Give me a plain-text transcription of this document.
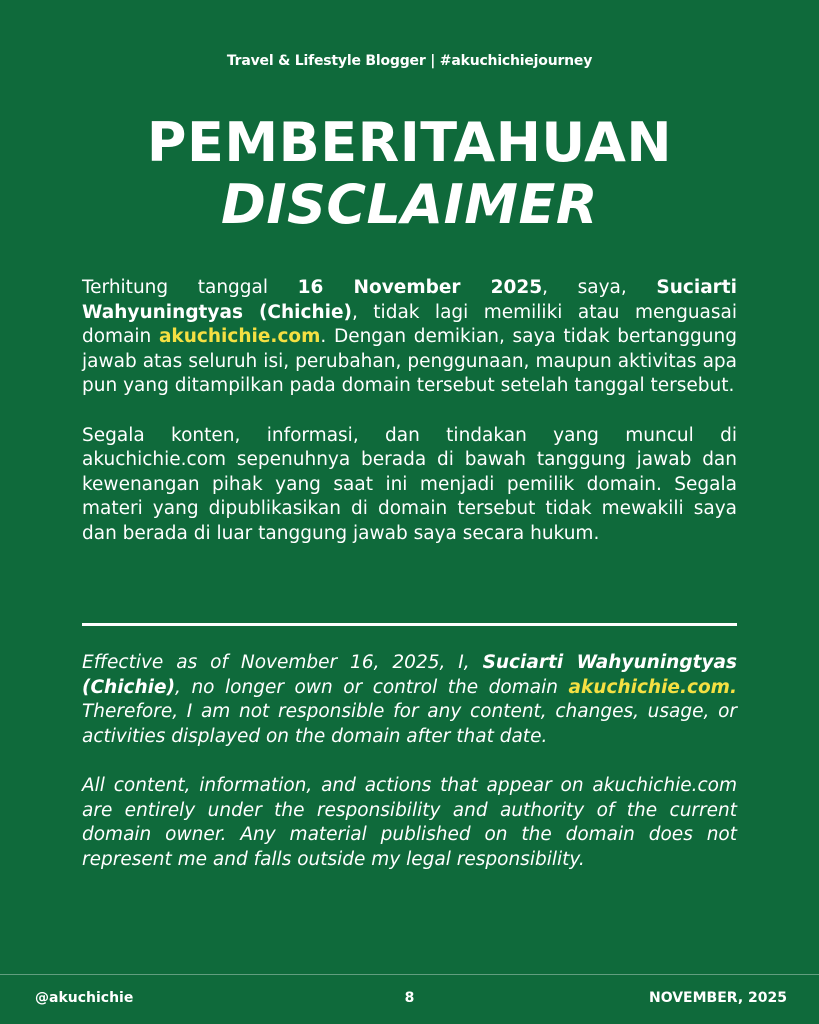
Travel & Lifestyle Blogger | #akuchichiejourney
PEMBERITAHUAN
DISCLAIMER

Terhitung tanggal 16 November 2025, saya, Suciarti Wahyuningtyas (Chichie), tidak lagi memiliki atau menguasai domain akuchichie.com. Dengan demikian, saya tidak bertanggung jawab atas seluruh isi, perubahan, penggunaan, maupun aktivitas apa pun yang ditampilkan pada domain tersebut setelah tanggal tersebut.

Segala konten, informasi, dan tindakan yang muncul di akuchichie.com sepenuhnya berada di bawah tanggung jawab dan kewenangan pihak yang saat ini menjadi pemilik domain. Segala materi yang dipublikasikan di domain tersebut tidak mewakili saya dan berada di luar tanggung jawab saya secara hukum.

Effective as of November 16, 2025, I, Suciarti Wahyuningtyas (Chichie), no longer own or control the domain akuchichie.com. Therefore, I am not responsible for any content, changes, usage, or activities displayed on the domain after that date.

All content, information, and actions that appear on akuchichie.com are entirely under the responsibility and authority of the current domain owner. Any material published on the domain does not represent me and falls outside my legal responsibility.

@akuchichie	8	NOVEMBER, 2025
